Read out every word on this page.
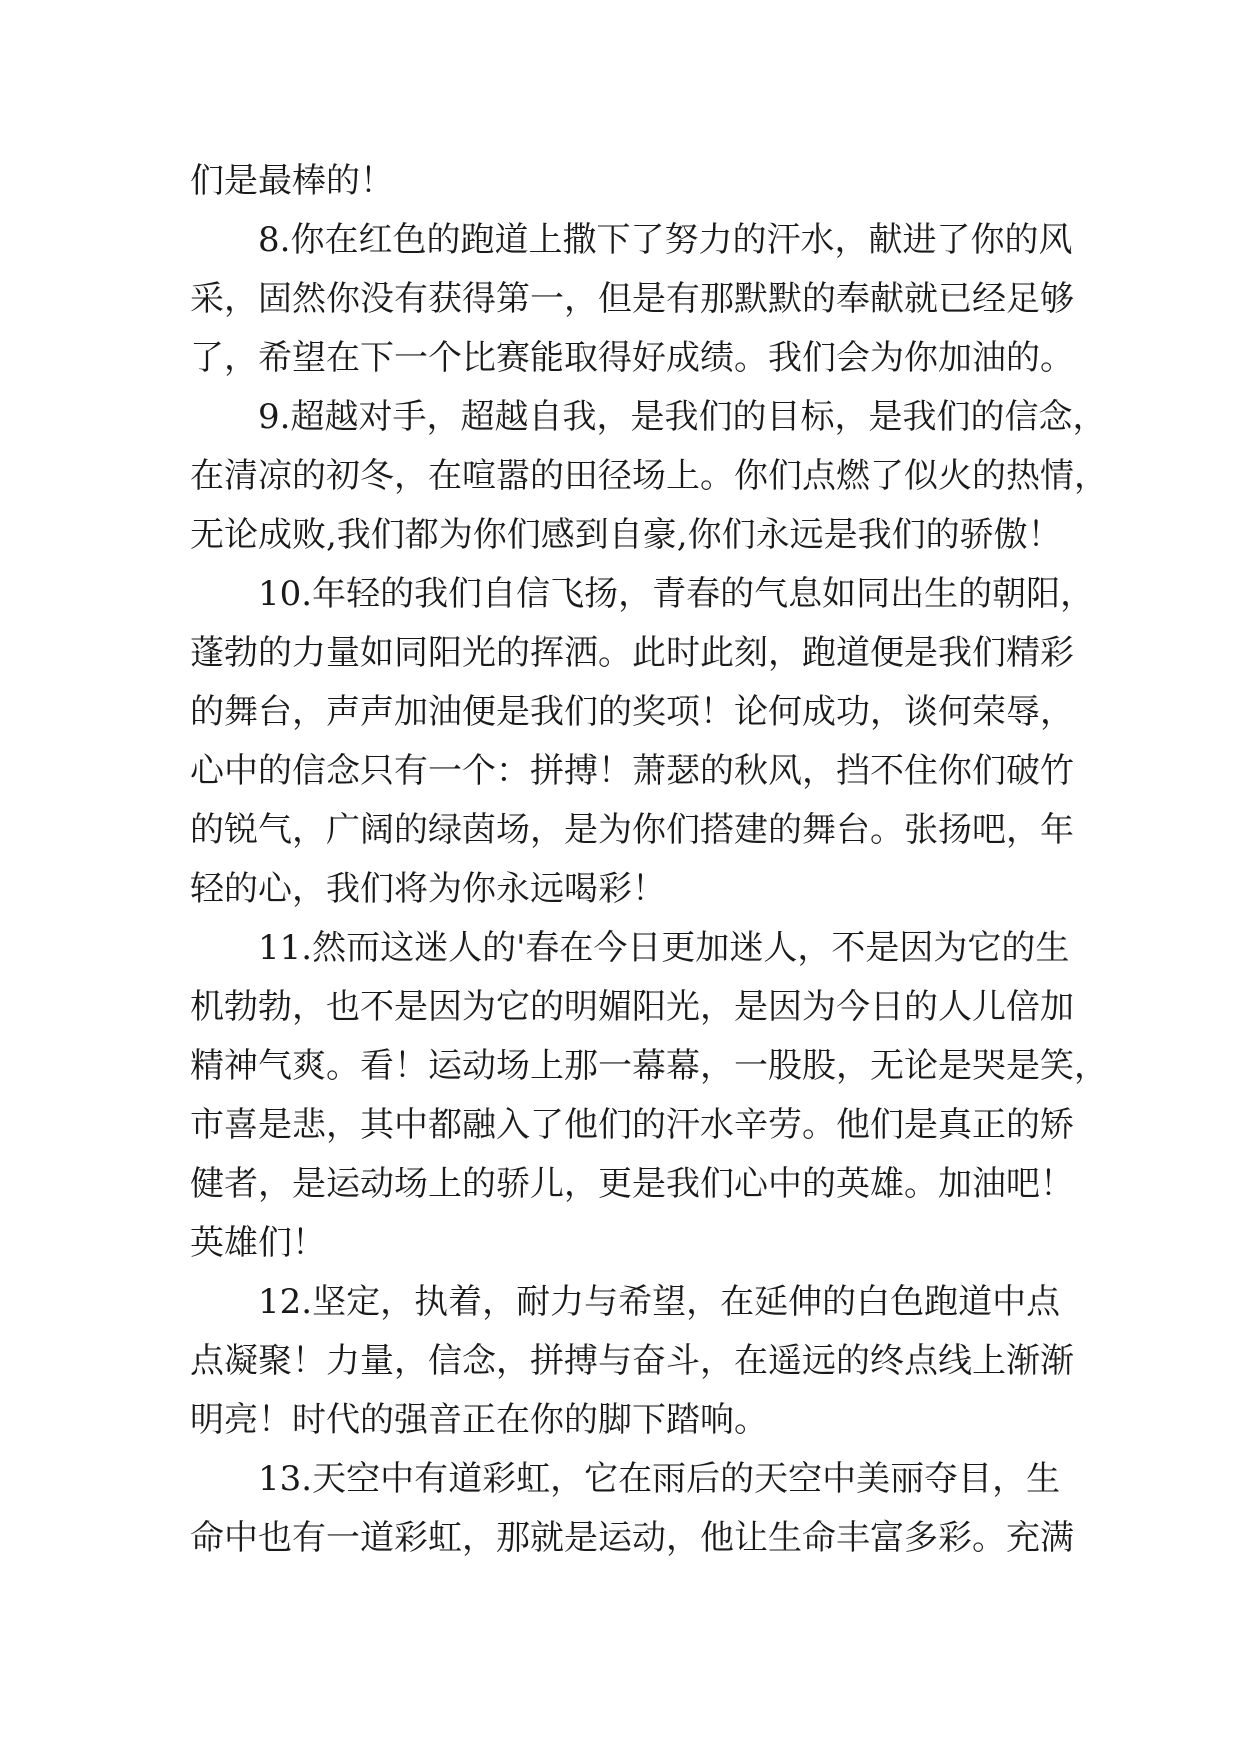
们是最棒的！
8.你在红色的跑道上撒下了努力的汗水，献进了你的风
采，固然你没有获得第一，但是有那默默的奉献就已经足够
了，希望在下一个比赛能取得好成绩。我们会为你加油的。
9.超越对手，超越自我，是我们的目标，是我们的信念，
在清凉的初冬，在喧嚣的田径场上。你们点燃了似火的热情，
无论成败,我们都为你们感到自豪,你们永远是我们的骄傲！
10.年轻的我们自信飞扬，青春的气息如同出生的朝阳，
蓬勃的力量如同阳光的挥洒。此时此刻，跑道便是我们精彩
的舞台，声声加油便是我们的奖项！论何成功，谈何荣辱，
心中的信念只有一个：拼搏！萧瑟的秋风，挡不住你们破竹
的锐气，广阔的绿茵场，是为你们搭建的舞台。张扬吧，年
轻的心，我们将为你永远喝彩！
11.然而这迷人的'春在今日更加迷人，不是因为它的生
机勃勃，也不是因为它的明媚阳光，是因为今日的人儿倍加
精神气爽。看！运动场上那一幕幕，一股股，无论是哭是笑，
市喜是悲，其中都融入了他们的汗水辛劳。他们是真正的矫
健者，是运动场上的骄儿，更是我们心中的英雄。加油吧！
英雄们！
12.坚定，执着，耐力与希望，在延伸的白色跑道中点
点凝聚！力量，信念，拼搏与奋斗，在遥远的终点线上渐渐
明亮！时代的强音正在你的脚下踏响。
13.天空中有道彩虹，它在雨后的天空中美丽夺目，生
命中也有一道彩虹，那就是运动，他让生命丰富多彩。充满
